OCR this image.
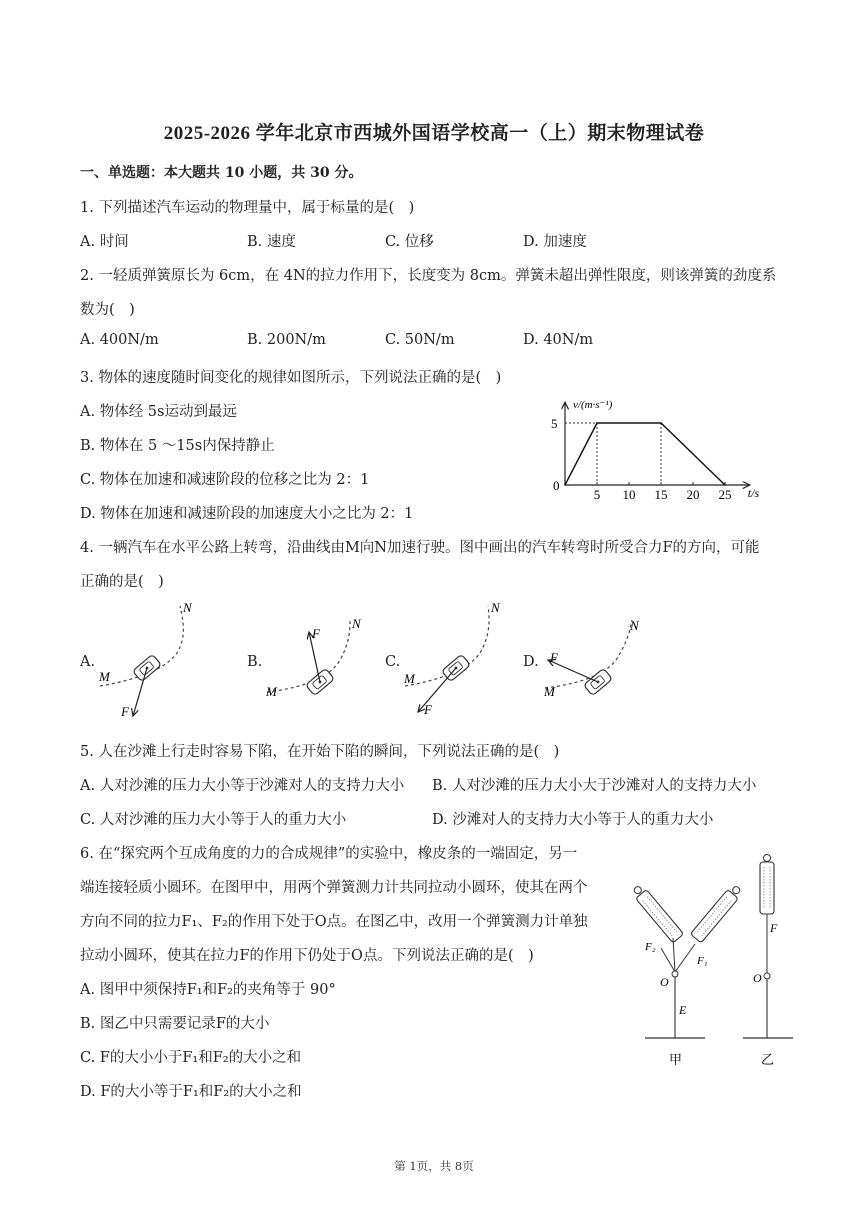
2025-2026 学年北京市西城外国语学校高一（上）期末物理试卷
一、单选题：本大题共 10 小题，共 30 分。
1. 下列描述汽车运动的物理量中，属于标量的是(　)
A. 时间	B. 速度	C. 位移	D. 加速度
2. 一轻质弹簧原长为 6cm，在 4N的拉力作用下，长度变为 8cm。弹簧未超出弹性限度，则该弹簧的劲度系
数为(　)
A. 400N/m	B. 200N/m	C. 50N/m	D. 40N/m
3. 物体的速度随时间变化的规律如图所示，下列说法正确的是(　)
A. 物体经 5s运动到最远
B. 物体在 5 ～15s内保持静止
C. 物体在加速和减速阶段的位移之比为 2：1
D. 物体在加速和减速阶段的加速度大小之比为 2：1
v/(m·s⁻¹)
t/s
0
5
5 10 15 20 25
4. 一辆汽车在水平公路上转弯，沿曲线由M向N加速行驶。图中画出的汽车转弯时所受合力F的方向，可能
正确的是(　)
A.
N
M
F
B.
N
M
F
C.
N
M
F
D.
N
M
F
5. 人在沙滩上行走时容易下陷，在开始下陷的瞬间，下列说法正确的是(　)
A. 人对沙滩的压力大小等于沙滩对人的支持力大小 B. 人对沙滩的压力大小大于沙滩对人的支持力大小
C. 人对沙滩的压力大小等于人的重力大小	D. 沙滩对人的支持力大小等于人的重力大小
6. 在“探究两个互成角度的力的合成规律”的实验中，橡皮条的一端固定，另一
端连接轻质小圆环。在图甲中，用两个弹簧测力计共同拉动小圆环，使其在两个
方向不同的拉力F₁、F₂的作用下处于O点。在图乙中，改用一个弹簧测力计单独
拉动小圆环，使其在拉力F的作用下仍处于O点。下列说法正确的是(　)
A. 图甲中须保持F₁和F₂的夹角等于 90°
B. 图乙中只需要记录F的大小
C. F的大小小于F₁和F₂的大小之和
D. F的大小等于F₁和F₂的大小之和
F₂
F₁
O
E
甲
F
O
乙
第 1页，共 8页
